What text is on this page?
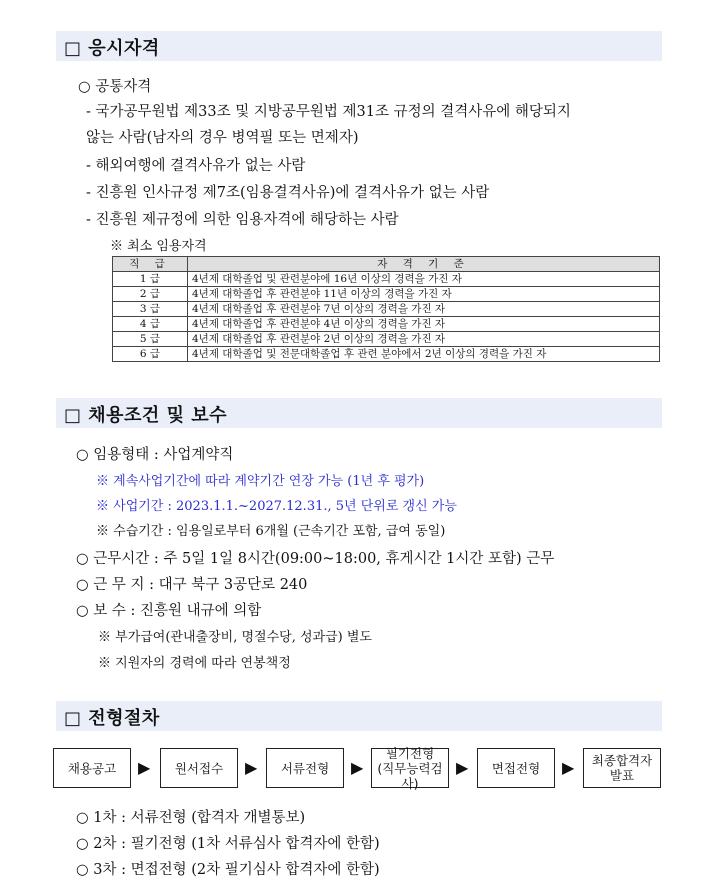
□ 응시자격
○ 공통자격
- 국가공무원법 제33조 및 지방공무원법 제31조 규정의 결격사유에 해당되지
않는 사람(남자의 경우 병역필 또는 면제자)
- 해외여행에 결격사유가 없는 사람
- 진흥원 인사규정 제7조(임용결격사유)에 결격사유가 없는 사람
- 진흥원 제규정에 의한 임용자격에 해당하는 사람
※ 최소 임용자격
직 급	자 격 기 준
1 급	4년제 대학졸업 및 관련분야에 16년 이상의 경력을 가진 자
2 급	4년제 대학졸업 후 관련분야 11년 이상의 경력을 가진 자
3 급	4년제 대학졸업 후 관련분야 7년 이상의 경력을 가진 자
4 급	4년제 대학졸업 후 관련분야 4년 이상의 경력을 가진 자
5 급	4년제 대학졸업 후 관련분야 2년 이상의 경력을 가진 자
6 급	4년제 대학졸업 및 전문대학졸업 후 관련 분야에서 2년 이상의 경력을 가진 자
□ 채용조건 및 보수
○ 임용형태 : 사업계약직
※ 계속사업기간에 따라 계약기간 연장 가능 (1년 후 평가)
※ 사업기간 : 2023.1.1.~2027.12.31., 5년 단위로 갱신 가능
※ 수습기간 : 임용일로부터 6개월 (근속기간 포함, 급여 동일)
○ 근무시간 : 주 5일 1일 8시간(09:00~18:00, 휴게시간 1시간 포함) 근무
○ 근 무 지 : 대구 북구 3공단로 240
○ 보 수 : 진흥원 내규에 의함
※ 부가급여(관내출장비, 명절수당, 성과급) 별도
※ 지원자의 경력에 따라 연봉책정
□ 전형절차
채용공고	▶	원서접수	▶	서류전형	▶
필기전형
(직무능력검사)
▶	면접전형	▶	최종합격자
발표
○ 1차 : 서류전형 (합격자 개별통보)
○ 2차 : 필기전형 (1차 서류심사 합격자에 한함)
○ 3차 : 면접전형 (2차 필기심사 합격자에 한함)
